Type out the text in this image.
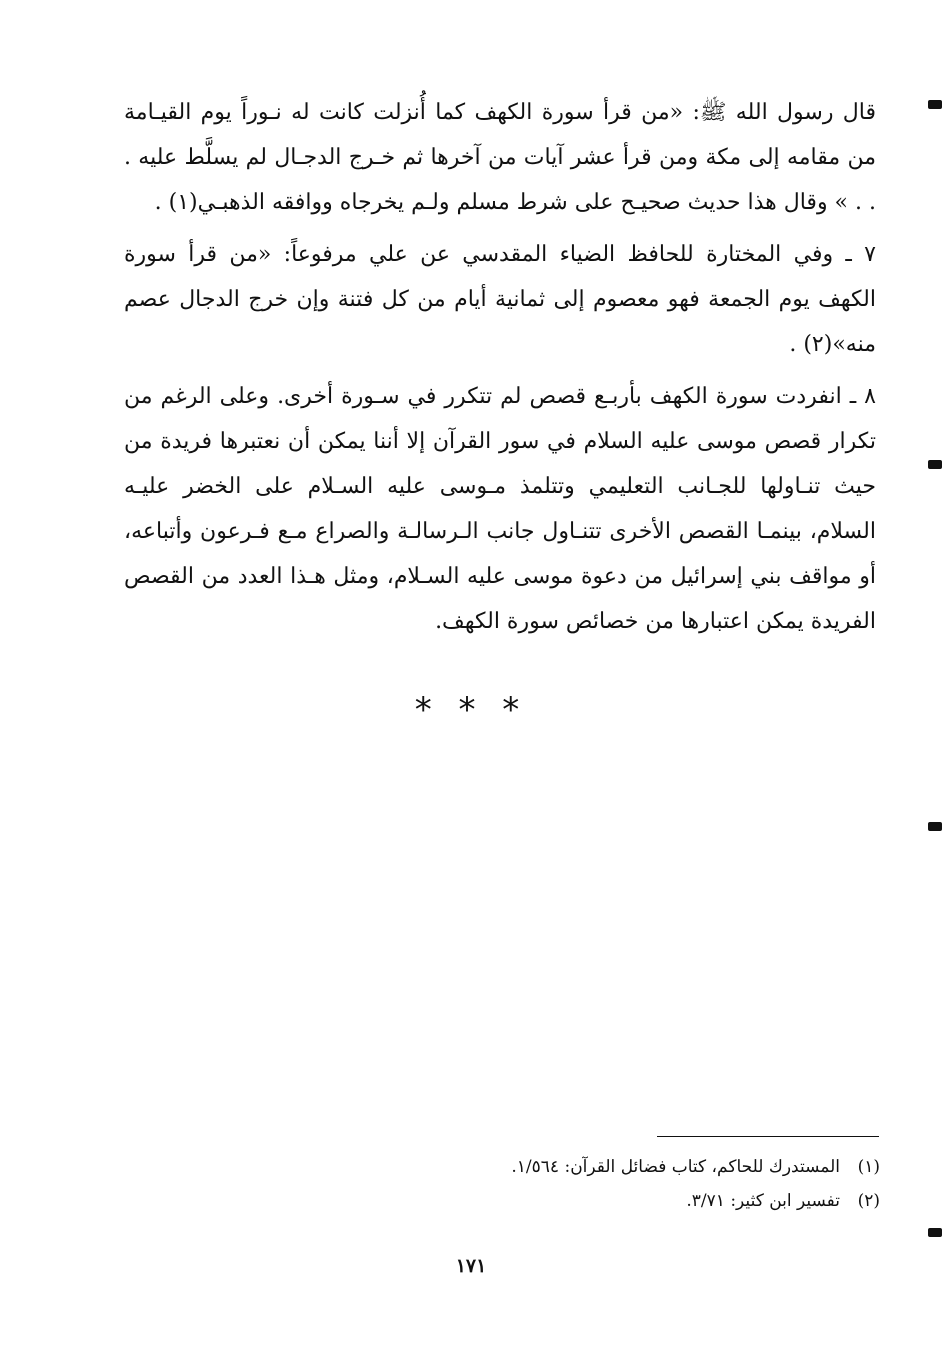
قال رسول الله ﷺ: «من قرأ سورة الكهف كما أُنزلت كانت له نـوراً يوم القيـامة من مقامه إلى مكة ومن قرأ عشر آيات من آخرها ثم خـرج الدجـال لم يسلَّط عليه . . . » وقال هذا حديث صحيـح على شرط مسلم ولـم يخرجاه ووافقه الذهبـي(١) .

٧ ـ وفي المختارة للحافظ الضياء المقدسي عن علي مرفوعاً: «من قرأ سورة الكهف يوم الجمعة فهو معصوم إلى ثمانية أيام من كل فتنة وإن خرج الدجال عصم منه»(٢) .

٨ ـ انفردت سورة الكهف بأربـع قصص لم تتكرر في سـورة أخرى. وعلى الرغم من تكرار قصص موسى عليه السلام في سور القرآن إلا أننا يمكن أن نعتبرها فريدة من حيث تنـاولها للجـانب التعليمي وتتلمذ مـوسى عليه السـلام على الخضر عليـه السلام، بينمـا القصص الأخرى تتنـاول جانب الـرسالـة والصراع مـع فـرعون وأتباعه، أو مواقف بني إسرائيل من دعوة موسى عليه السـلام، ومثل هـذا العدد من القصص الفريدة يمكن اعتبارها من خصائص سورة الكهف.

* * *

(١)المستدرك للحاكم، كتاب فضائل القرآن: ١/٥٦٤.

(٢)تفسير ابن كثير: ٣/٧١.

١٧١
